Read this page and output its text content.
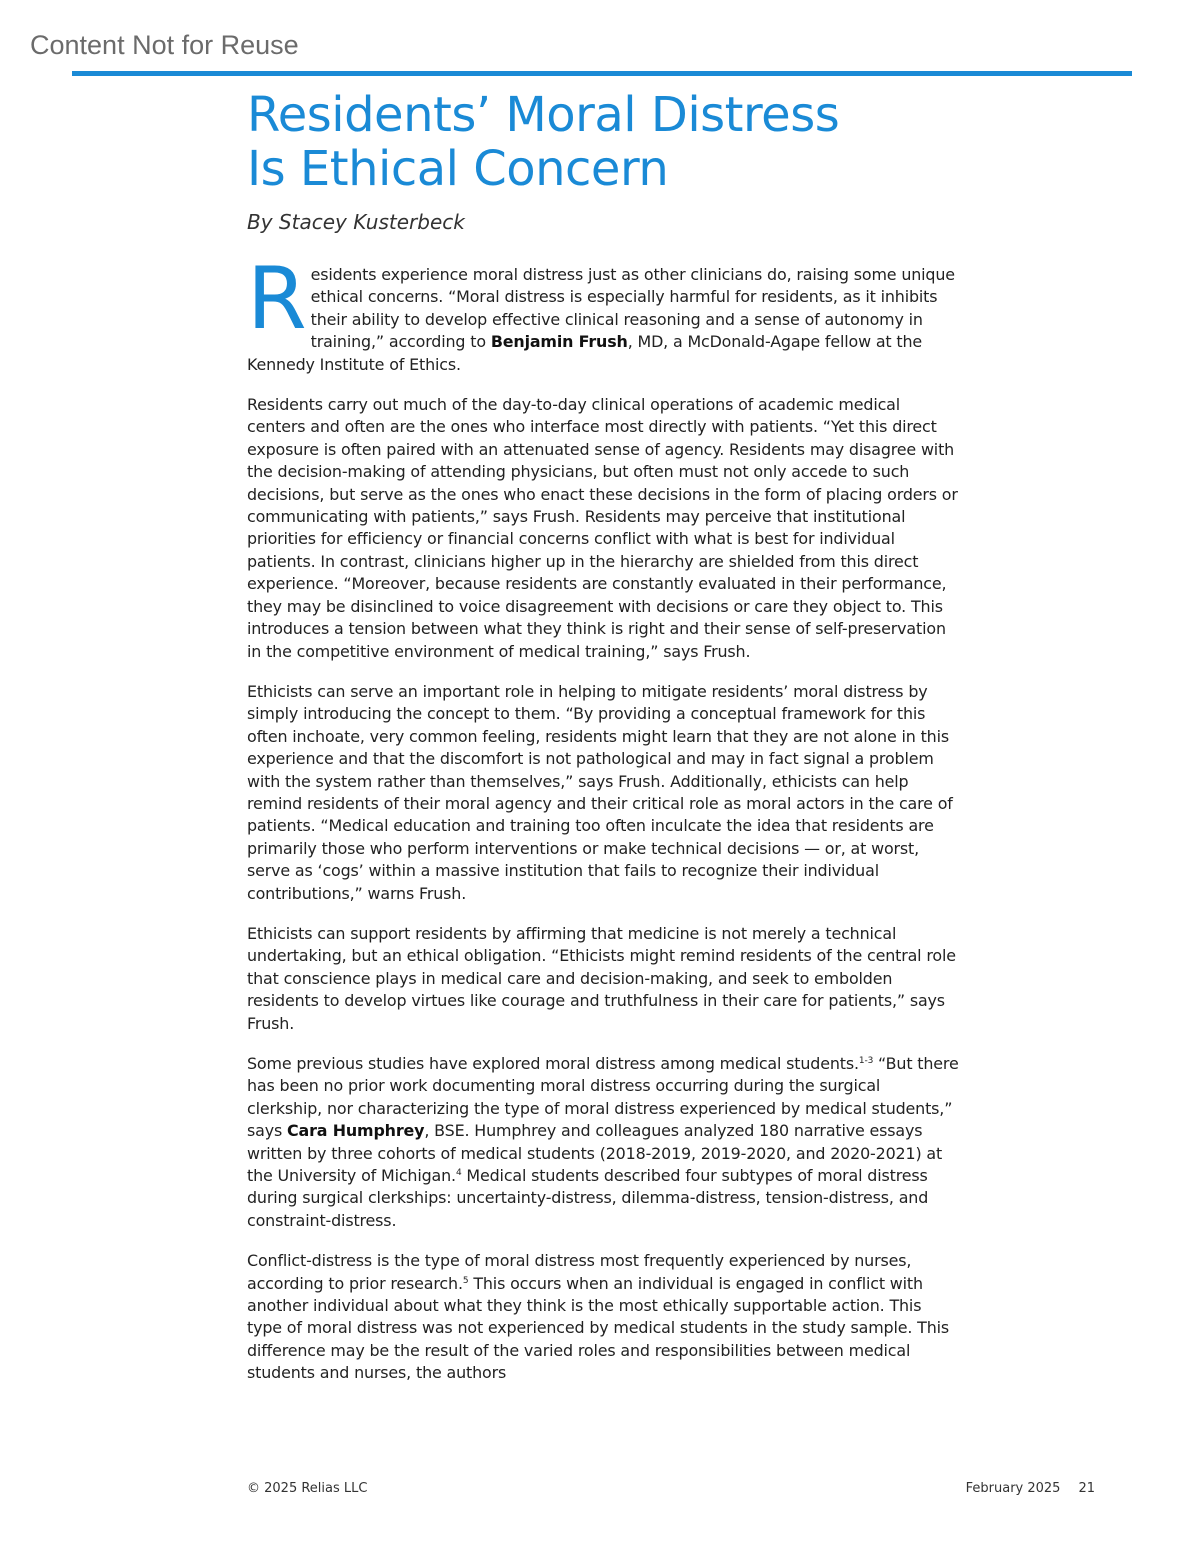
Content Not for Reuse
Residents’ Moral Distress
Is Ethical Concern
By Stacey Kusterbeck

Residents experience moral distress just as other clinicians do, raising some unique ethical concerns. “Moral distress is especially harmful for residents, as it inhibits their ability to develop effective clinical reasoning and a sense of autonomy in training,” according to Benjamin Frush, MD, a McDonald-Agape fellow at the Kennedy Institute of Ethics.

Residents carry out much of the day-to-day clinical operations of academic medical centers and often are the ones who interface most directly with patients. “Yet this direct exposure is often paired with an attenuated sense of agency. Residents may disagree with the decision-making of attending physicians, but often must not only accede to such decisions, but serve as the ones who enact these decisions in the form of placing orders or communicating with patients,” says Frush. Residents may perceive that institutional priorities for efficiency or financial concerns conflict with what is best for individual patients. In contrast, clinicians higher up in the hierarchy are shielded from this direct experience. “Moreover, because residents are constantly evaluated in their performance, they may be disinclined to voice disagreement with decisions or care they object to. This introduces a tension between what they think is right and their sense of self-preservation in the competitive environment of medical training,” says Frush.

Ethicists can serve an important role in helping to mitigate residents’ moral distress by simply introducing the concept to them. “By providing a conceptual framework for this often inchoate, very common feeling, residents might learn that they are not alone in this experience and that the discomfort is not pathological and may in fact signal a problem with the system rather than themselves,” says Frush. Additionally, ethicists can help remind residents of their moral agency and their critical role as moral actors in the care of patients. “Medical education and training too often inculcate the idea that residents are primarily those who perform interventions or make technical decisions — or, at worst, serve as ‘cogs’ within a massive institution that fails to recognize their individual contributions,” warns Frush.

Ethicists can support residents by affirming that medicine is not merely a technical undertaking, but an ethical obligation. “Ethicists might remind residents of the central role that conscience plays in medical care and decision-making, and seek to embolden residents to develop virtues like courage and truthfulness in their care for patients,” says Frush.

Some previous studies have explored moral distress among medical students.$^{1-3}$ “But there has been no prior work documenting moral distress occurring during the surgical clerkship, nor characterizing the type of moral distress experienced by medical students,” says Cara Humphrey, BSE. Humphrey and colleagues analyzed 180 narrative essays written by three cohorts of medical students (2018-2019, 2019-2020, and 2020-2021) at the University of Michigan.$^4$ Medical students described four subtypes of moral distress during surgical clerkships: uncertainty-distress, dilemma-distress, tension-distress, and constraint-distress.

Conflict-distress is the type of moral distress most frequently experienced by nurses, according to prior research.$^5$ This occurs when an individual is engaged in conflict with another individual about what they think is the most ethically supportable action. This type of moral distress was not experienced by medical students in the study sample. This difference may be the result of the varied roles and responsibilities between medical students and nurses, the authors

© 2025 Relias LLC	February 2025 21
